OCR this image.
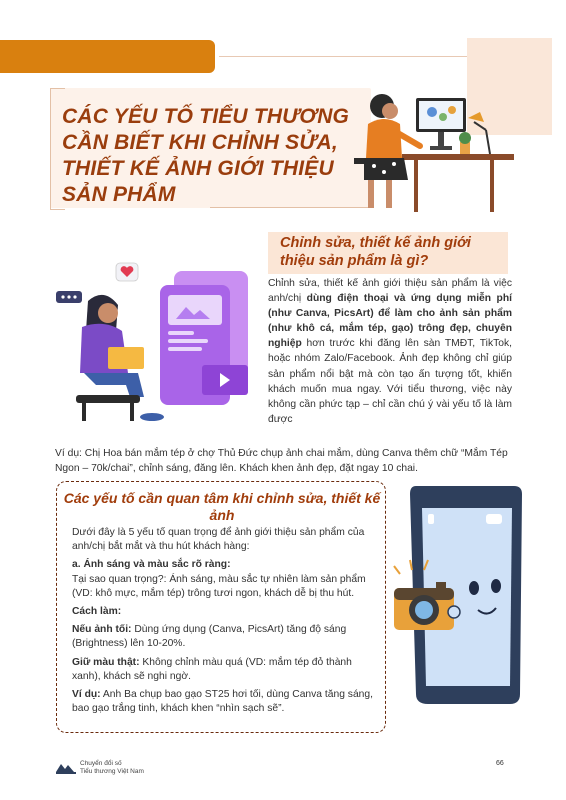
CÁC YẾU TỐ TIỂU THƯƠNG CẦN BIẾT KHI CHỈNH SỬA, THIẾT KẾ ẢNH GIỚI THIỆU SẢN PHẨM
Chỉnh sửa, thiết kế ảnh giới thiệu sản phẩm là gì?
Chỉnh sửa, thiết kế ảnh giới thiệu sản phẩm là việc anh/chị dùng điện thoại và ứng dụng miễn phí (như Canva, PicsArt) để làm cho ảnh sản phẩm (như khô cá, mắm tép, gạo) trông đẹp, chuyên nghiệp hơn trước khi đăng lên sàn TMĐT, TikTok, hoặc nhóm Zalo/Facebook. Ảnh đẹp không chỉ giúp sản phẩm nổi bật mà còn tạo ấn tượng tốt, khiến khách muốn mua ngay. Với tiểu thương, việc này không cần phức tạp – chỉ cần chú ý vài yếu tố là làm được
Ví dụ: Chị Hoa bán mắm tép ở chợ Thủ Đức chụp ảnh chai mắm, dùng Canva thêm chữ “Mắm Tép Ngon – 70k/chai”, chỉnh sáng, đăng lên. Khách khen ảnh đẹp, đặt ngay 10 chai.
Các yếu tố cần quan tâm khi chỉnh sửa, thiết kế ảnh

Dưới đây là 5 yếu tố quan trọng để ảnh giới thiệu sản phẩm của anh/chị bắt mắt và thu hút khách hàng:

a. Ánh sáng và màu sắc rõ ràng:

Tại sao quan trọng?: Ánh sáng, màu sắc tự nhiên làm sản phẩm (VD: khô mực, mắm tép) trông tươi ngon, khách dễ bị thu hút.

Cách làm:

Nếu ảnh tối: Dùng ứng dụng (Canva, PicsArt) tăng độ sáng (Brightness) lên 10-20%.

Giữ màu thật: Không chỉnh màu quá (VD: mắm tép đỏ thành xanh), khách sẽ nghi ngờ.

Ví dụ: Anh Ba chụp bao gạo ST25 hơi tối, dùng Canva tăng sáng, bao gạo trắng tinh, khách khen “nhìn sạch sẽ”.

Chuyển đổi số
Tiểu thương Việt Nam
66
